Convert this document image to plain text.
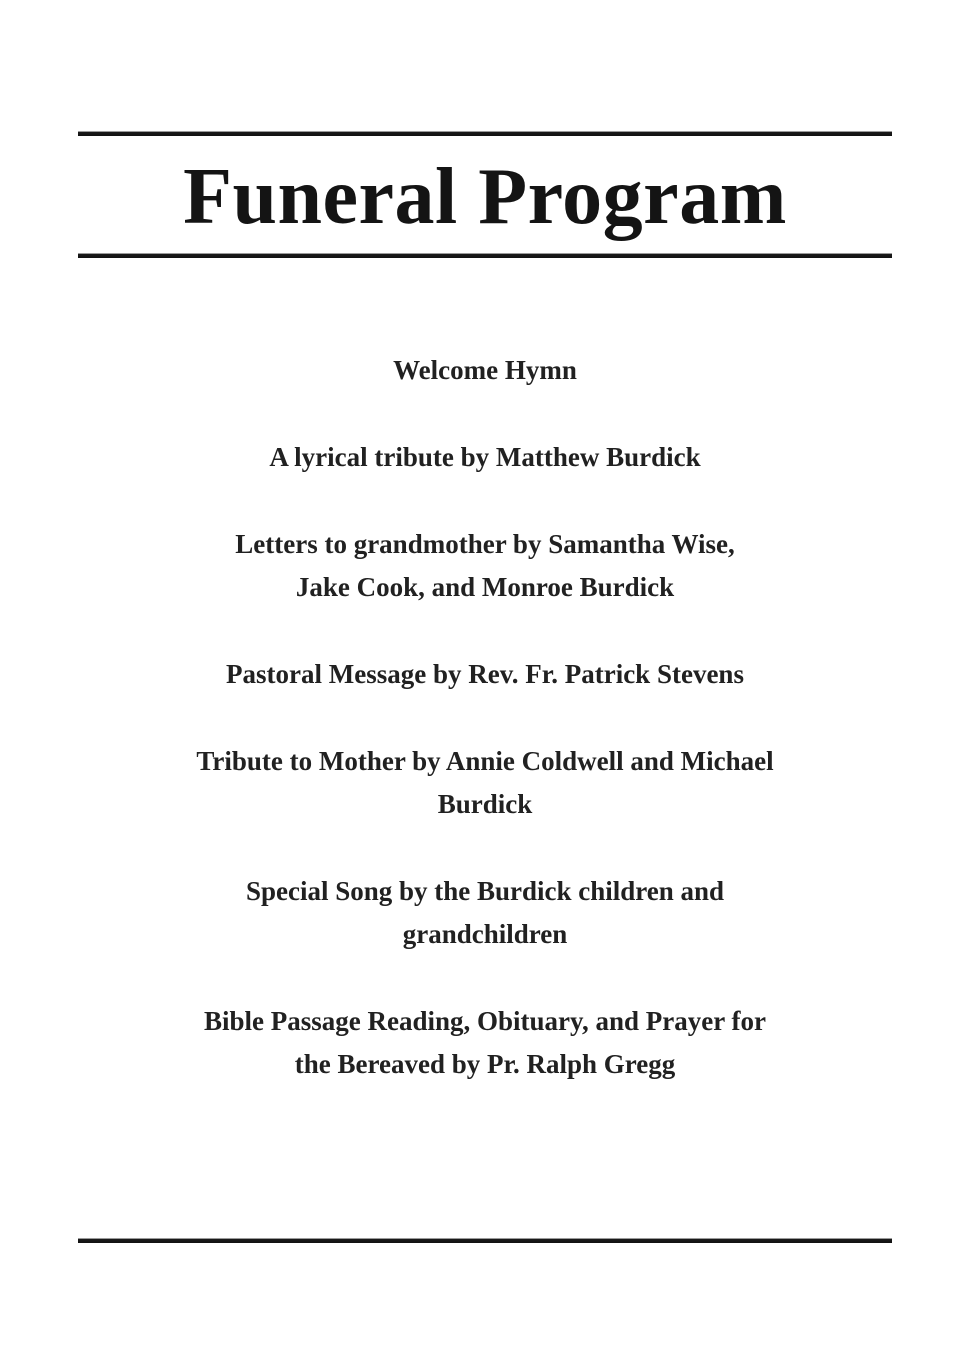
Funeral Program
Welcome Hymn
A lyrical tribute by Matthew Burdick
Letters to grandmother by Samantha Wise,
Jake Cook, and Monroe Burdick
Pastoral Message by Rev. Fr. Patrick Stevens
Tribute to Mother by Annie Coldwell and Michael
Burdick
Special Song by the Burdick children and
grandchildren
Bible Passage Reading, Obituary, and Prayer for
the Bereaved by Pr. Ralph Gregg
